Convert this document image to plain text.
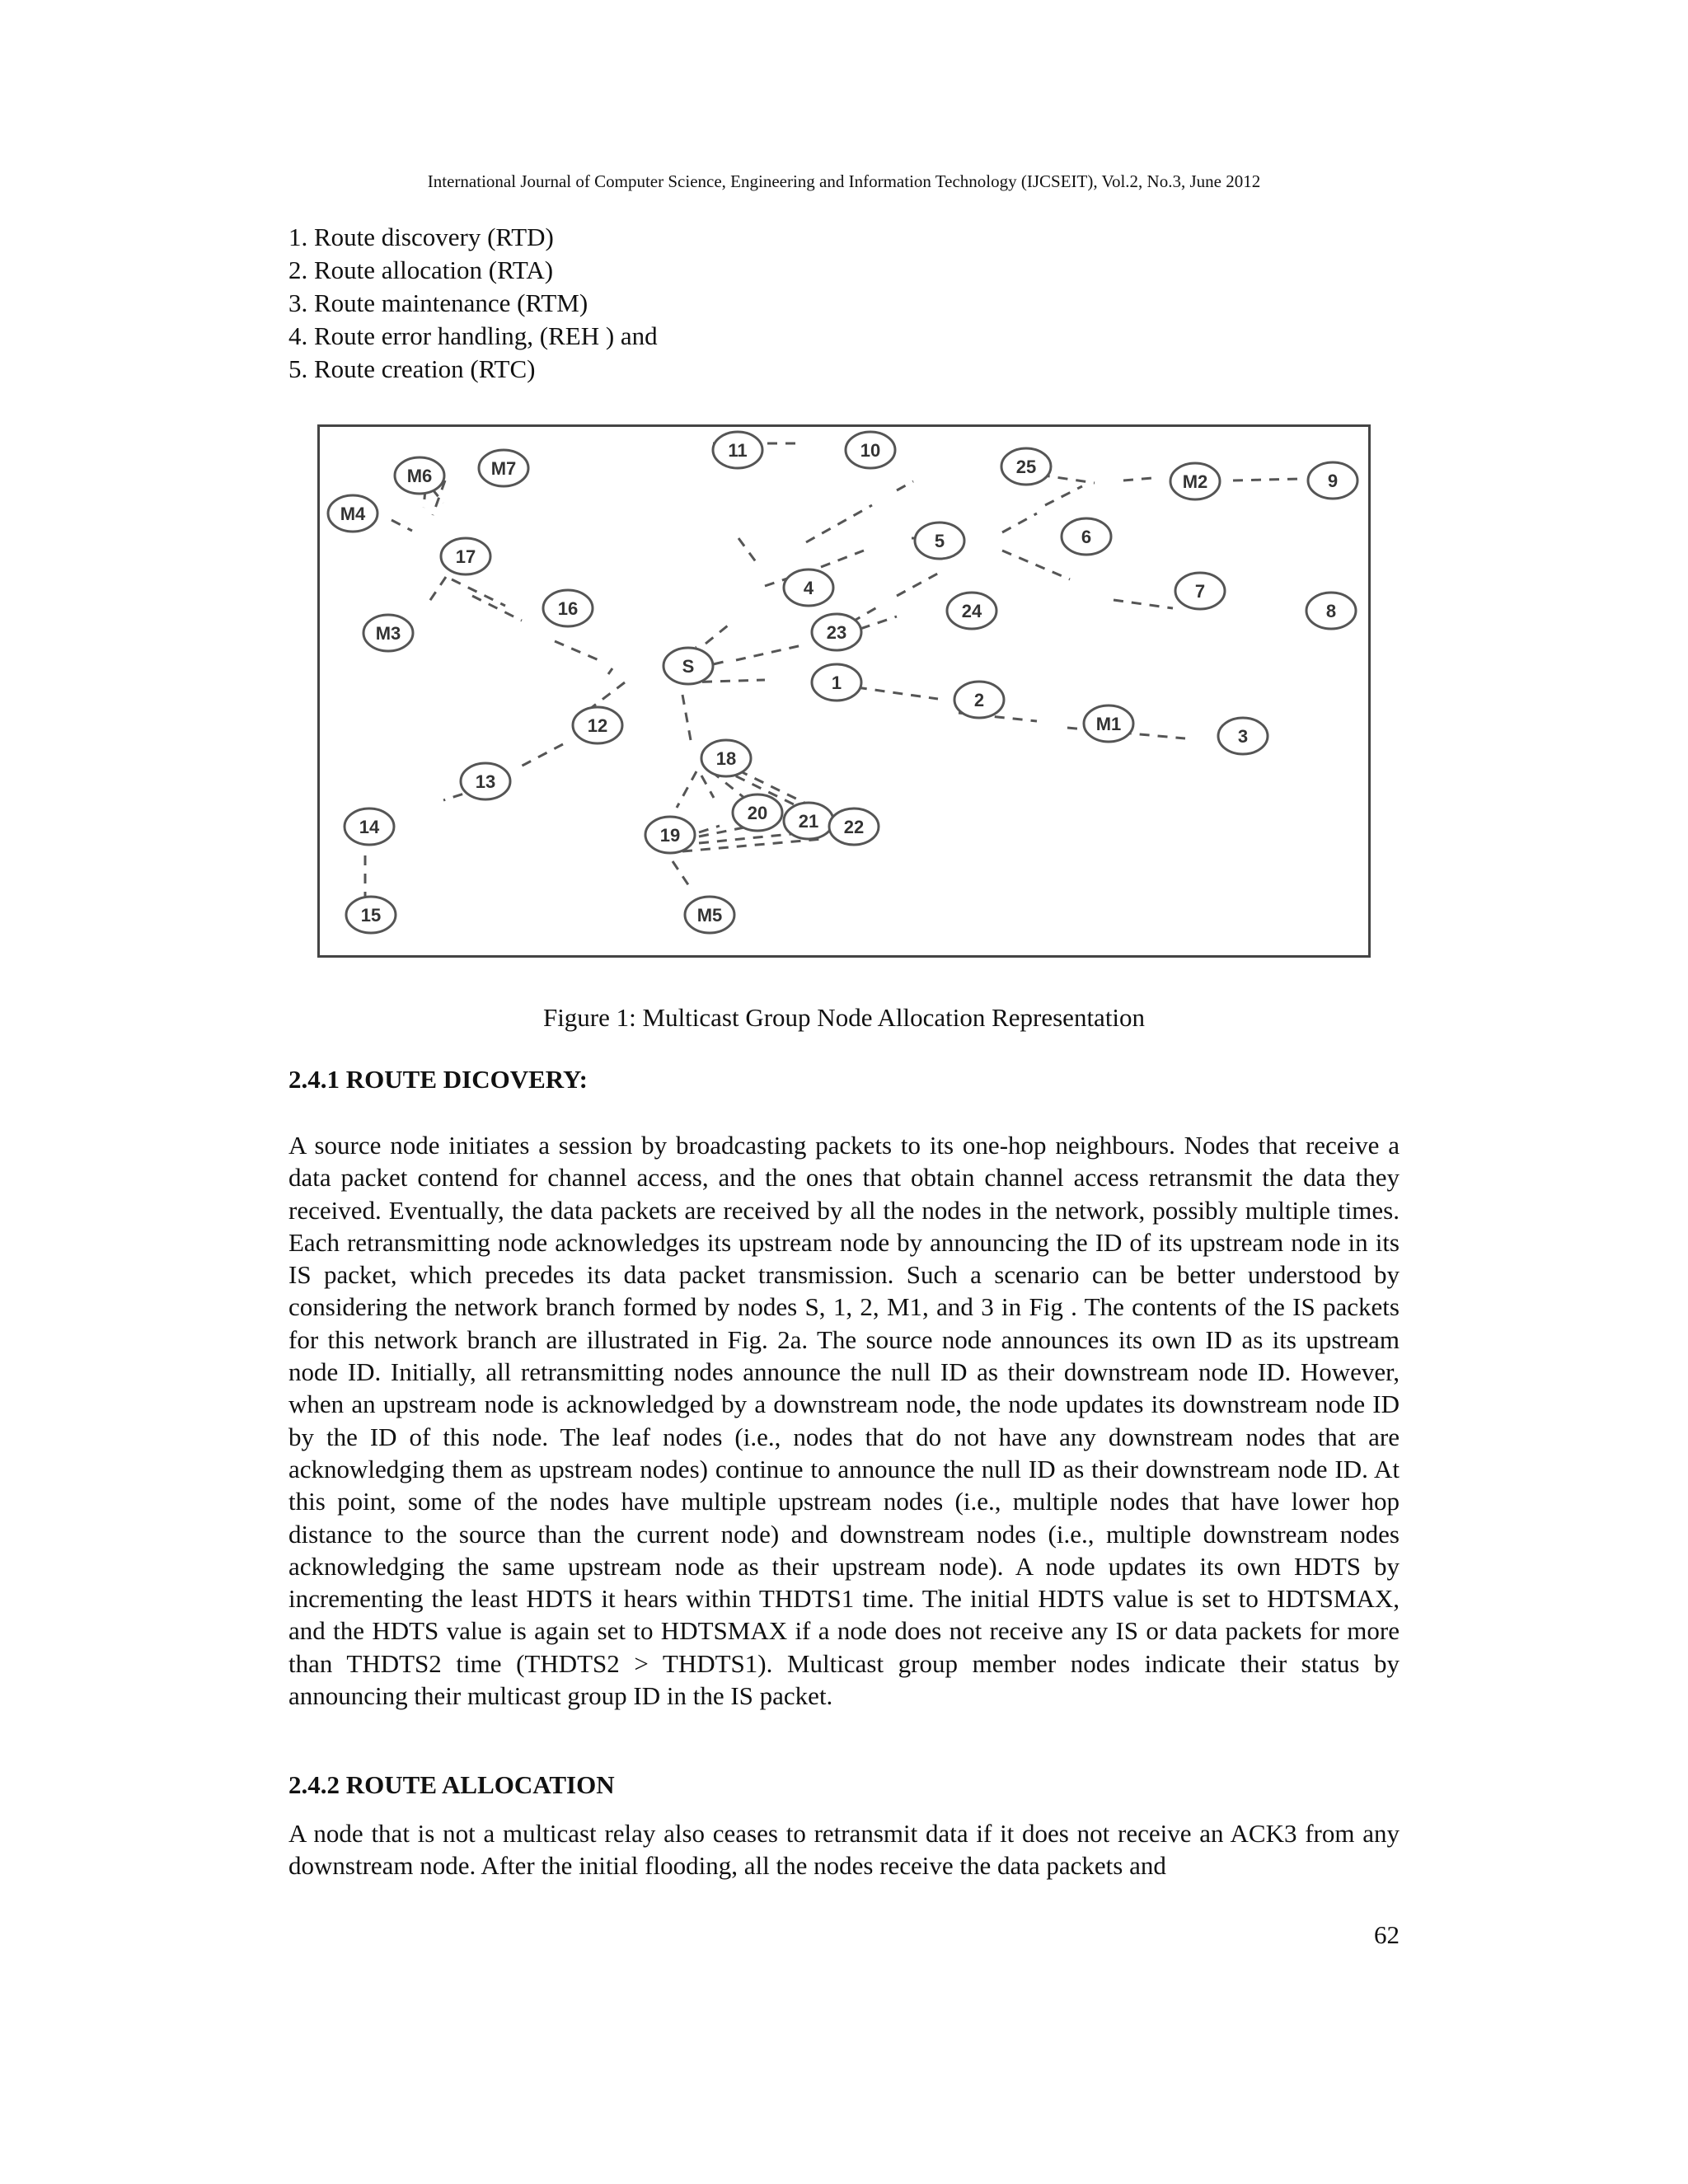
International Journal of Computer Science, Engineering and Information Technology (IJCSEIT), Vol.2, No.3, June 2012
1. Route discovery (RTD)
2. Route allocation (RTA)
3. Route maintenance (RTM)
4. Route error handling, (REH ) and
5. Route creation (RTC)
11	10
M6	M7	25
M2	9
M4
5	6
17
4	7
16	24	8
M3	23
S
1
2
M1
12
3
18
13
20 21 22
14	19
15	M5
Figure 1: Multicast Group Node Allocation Representation
2.4.1 ROUTE DICOVERY:

A source node initiates a session by broadcasting packets to its one-hop neighbours. Nodes that receive a data packet contend for channel access, and the ones that obtain channel access retransmit the data they received. Eventually, the data packets are received by all the nodes in the network, possibly multiple times. Each retransmitting node acknowledges its upstream node by announcing the ID of its upstream node in its IS packet, which precedes its data packet transmission. Such a scenario can be better understood by considering the network branch formed by nodes S, 1, 2, M1, and 3 in Fig . The contents of the IS packets for this network branch are illustrated in Fig. 2a. The source node announces its own ID as its upstream node ID. Initially, all retransmitting nodes announce the null ID as their downstream node ID. However, when an upstream node is acknowledged by a downstream node, the node updates its downstream node ID by the ID of this node. The leaf nodes (i.e., nodes that do not have any downstream nodes that are acknowledging them as upstream nodes) continue to announce the null ID as their downstream node ID. At this point, some of the nodes have multiple upstream nodes (i.e., multiple nodes that have lower hop distance to the source than the current node) and downstream nodes (i.e., multiple downstream nodes acknowledging the same upstream node as their upstream node). A node updates its own HDTS by incrementing the least HDTS it hears within THDTS1 time. The initial HDTS value is set to HDTSMAX, and the HDTS value is again set to HDTSMAX if a node does not receive any IS or data packets for more than THDTS2 time (THDTS2 > THDTS1). Multicast group member nodes indicate their status by announcing their multicast group ID in the IS packet.

2.4.2 ROUTE ALLOCATION

A node that is not a multicast relay also ceases to retransmit data if it does not receive an ACK3 from any downstream node. After the initial flooding, all the nodes receive the data packets and

62
